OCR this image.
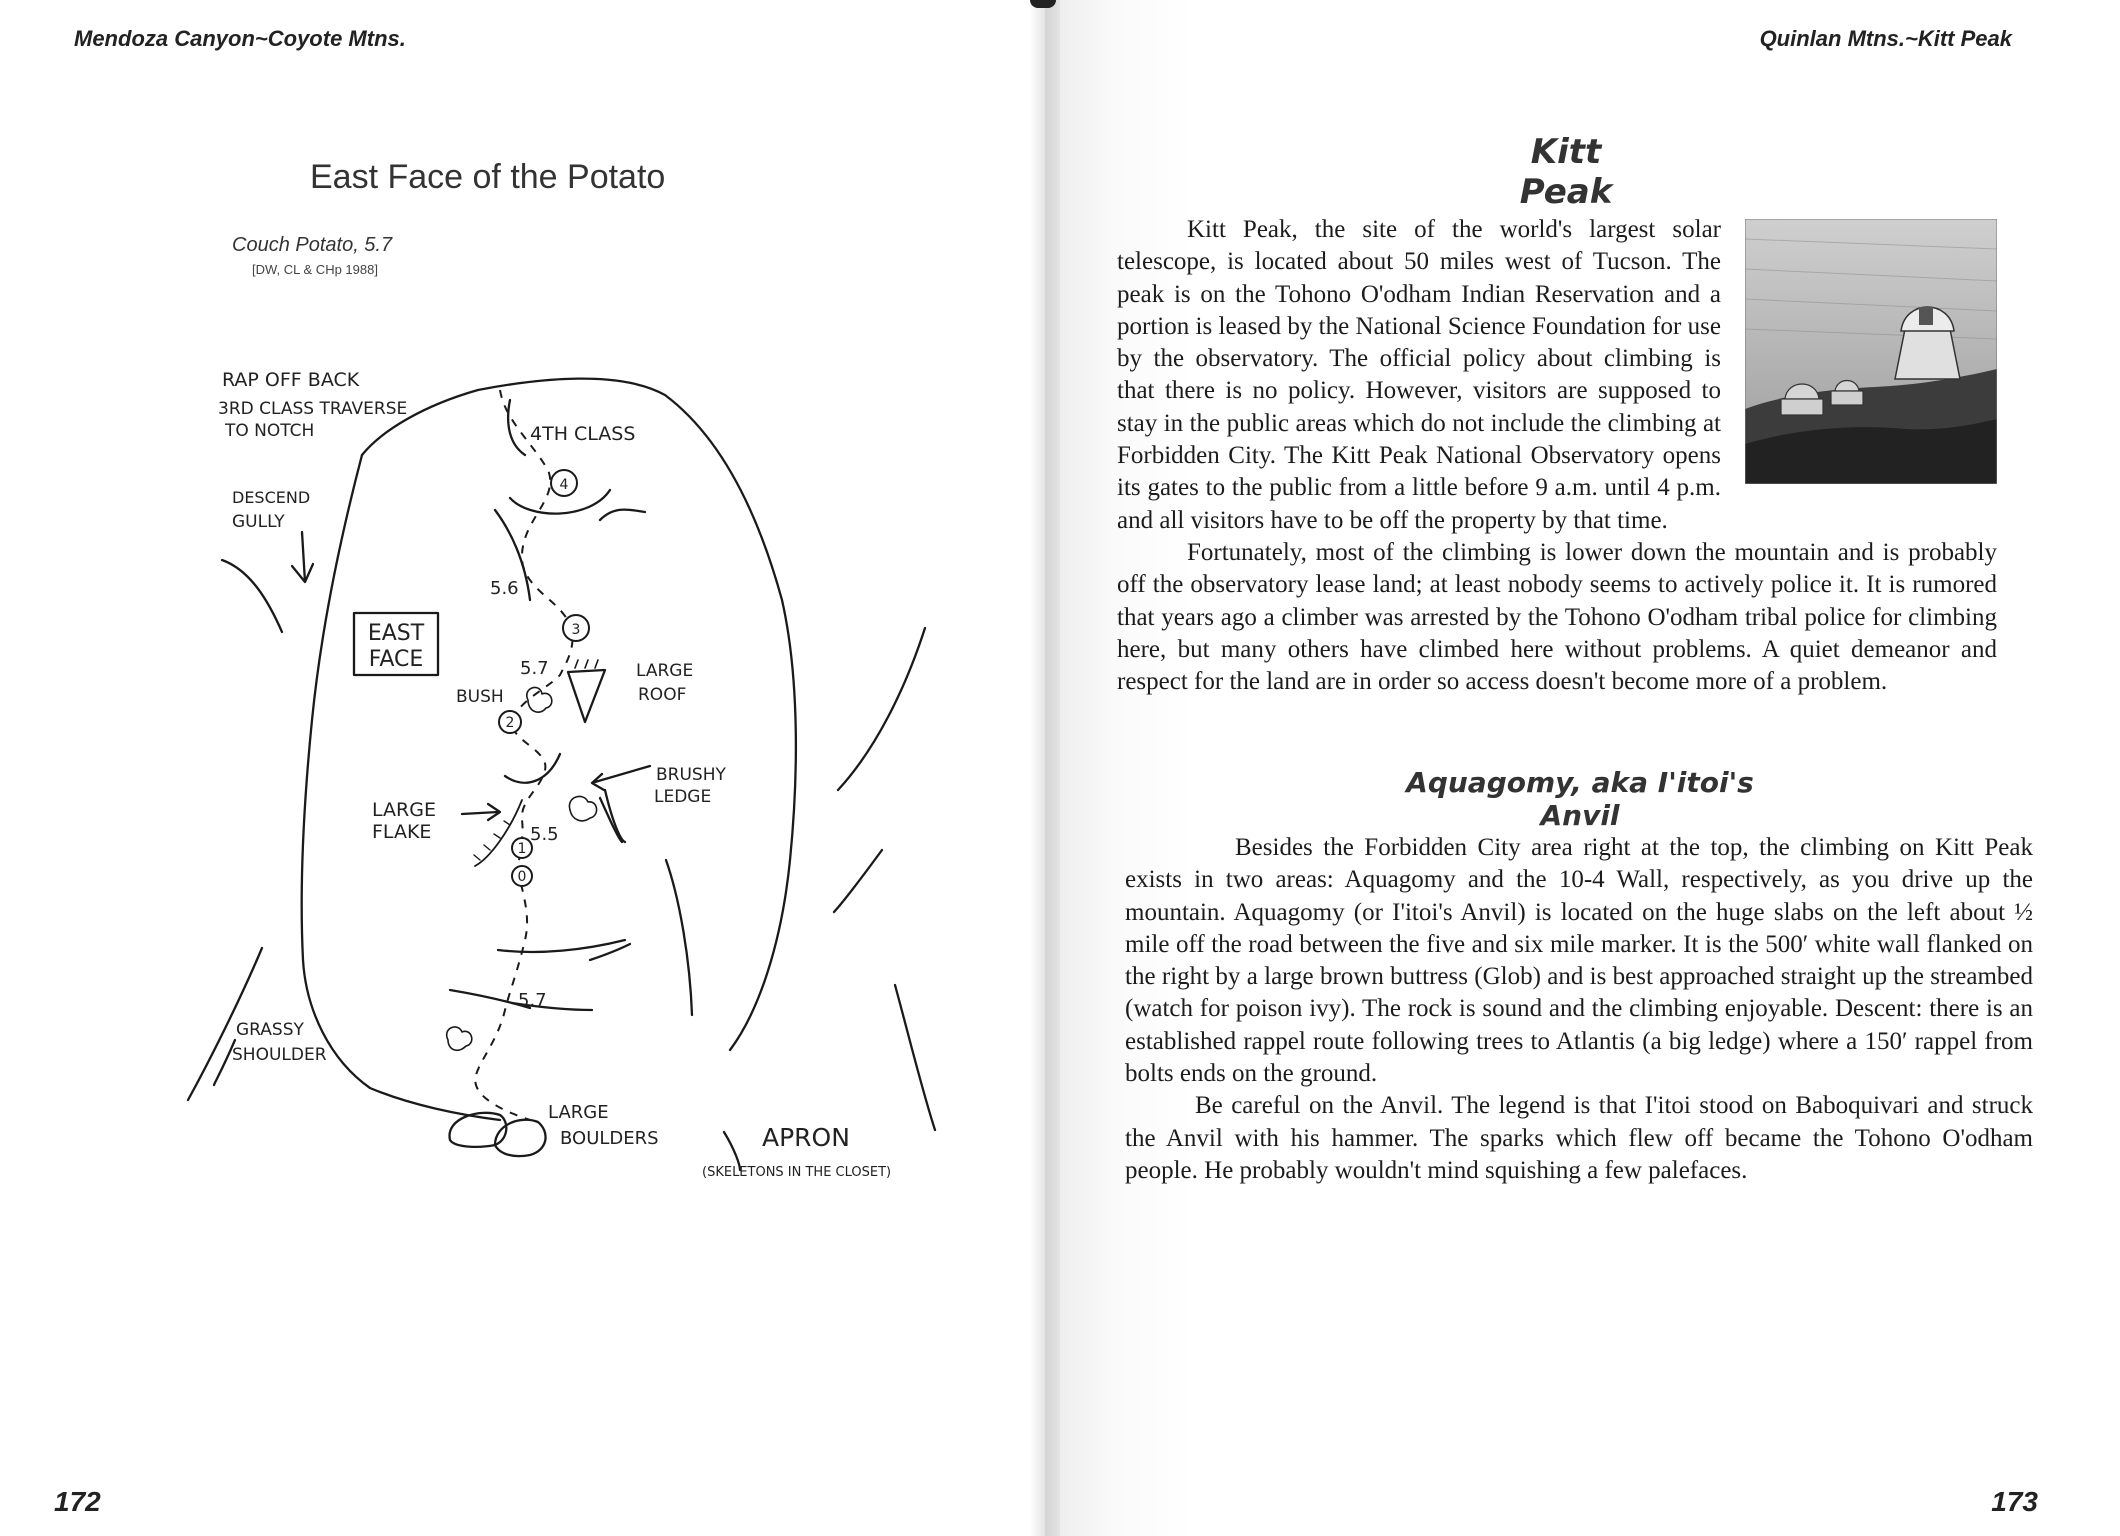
Mendoza Canyon~Coyote Mtns.
East Face of the Potato
Couch Potato, 5.7
[DW, CL & CHp 1988]
4
3
2
1
0
RAP OFF BACK
3RD CLASS TRAVERSE
TO NOTCH	4TH CLASS
DESCEND
GULLY
EAST
FACE
5.6
5.7
BUSH
LARGE
ROOF
BRUSHY
LEDGE
LARGE
FLAKE	5.5
5.7
GRASSY
SHOULDER
LARGE
BOULDERS	APRON
(SKELETONS IN THE CLOSET)
172
Quinlan Mtns.~Kitt Peak
Kitt Peak

Kitt Peak, the site of the world's largest solar telescope, is located about 50 miles west of Tucson. The peak is on the Tohono O'odham Indian Reservation and a portion is leased by the National Science Foundation for use by the observatory. The official policy about climbing is that there is no policy. However, visitors are supposed to stay in the public areas which do not include the climbing at Forbidden City. The Kitt Peak National Observatory opens its gates to the public from a little before 9 a.m. until 4 p.m. and all visitors have to be off the property by that time.

Fortunately, most of the climbing is lower down the mountain and is probably off the observatory lease land; at least nobody seems to actively police it. It is rumored that years ago a climber was arrested by the Tohono O'odham tribal police for climbing here, but many others have climbed here without problems. A quiet demeanor and respect for the land are in order so access doesn't become more of a problem.

Aquagomy, aka I'itoi's Anvil

Besides the Forbidden City area right at the top, the climbing on Kitt Peak exists in two areas: Aquagomy and the 10-4 Wall, respectively, as you drive up the mountain. Aquagomy (or I'itoi's Anvil) is located on the huge slabs on the left about ½ mile off the road between the five and six mile marker. It is the 500′ white wall flanked on the right by a large brown buttress (Glob) and is best approached straight up the streambed (watch for poison ivy). The rock is sound and the climbing enjoyable. Descent: there is an established rappel route following trees to Atlantis (a big ledge) where a 150′ rappel from bolts ends on the ground.

Be careful on the Anvil. The legend is that I'itoi stood on Baboquivari and struck the Anvil with his hammer. The sparks which flew off became the Tohono O'odham people. He probably wouldn't mind squishing a few palefaces.

173
